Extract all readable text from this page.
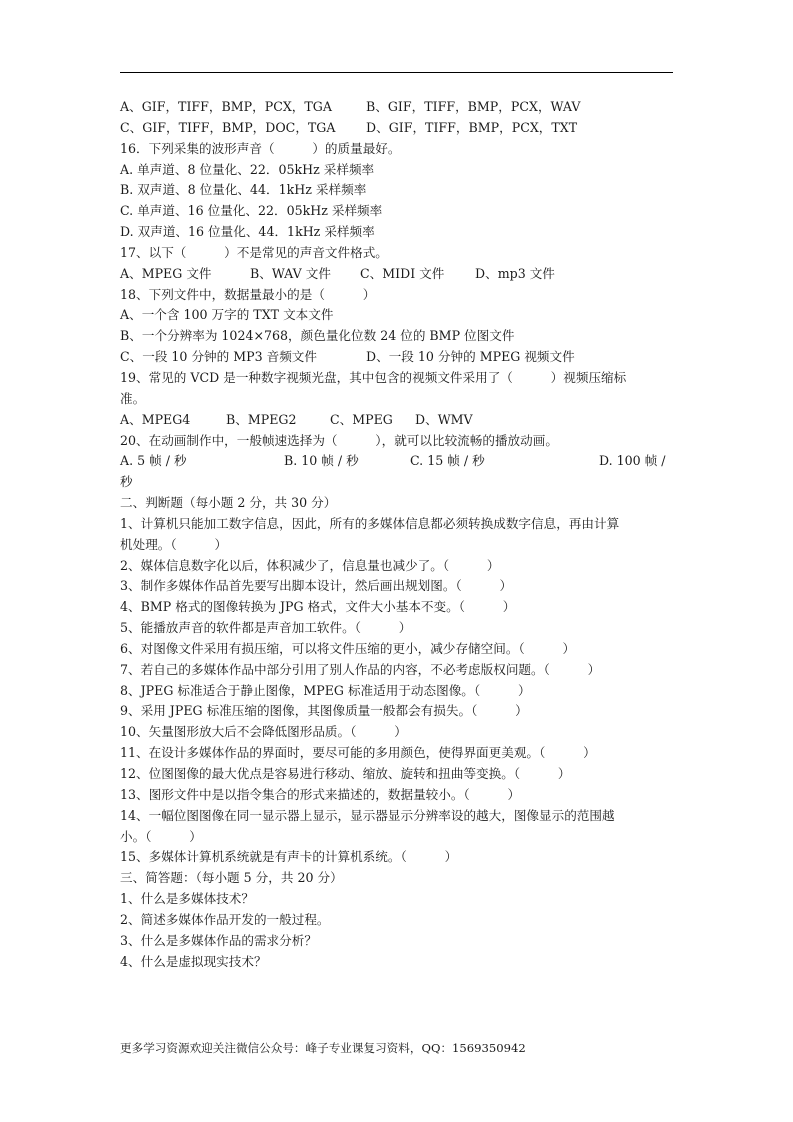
A、GIF，TIFF，BMP，PCX，TGA	B、GIF，TIFF，BMP，PCX，WAV
C、GIF，TIFF，BMP，DOC，TGA D、GIF，TIFF，BMP，PCX，TXT
16．下列采集的波形声音（　　　）的质量最好。
A. 单声道、8 位量化、22．05kHz 采样频率
B. 双声道、8 位量化、44．1kHz 采样频率
C. 单声道、16 位量化、22．05kHz 采样频率
D. 双声道、16 位量化、44．1kHz 采样频率
17、以下（　　　）不是常见的声音文件格式。
A、MPEG 文件	B、WAV 文件 C、MIDI 文件 D、mp3 文件
18、下列文件中，数据量最小的是（　　　）
A、一个含 100 万字的 TXT 文本文件
B、一个分辨率为 1024×768，颜色量化位数 24 位的 BMP 位图文件
C、一段 10 分钟的 MP3 音频文件	D、一段 10 分钟的 MPEG 视频文件
19、常见的 VCD 是一种数字视频光盘，其中包含的视频文件采用了（　　　）视频压缩标
准。
A、MPEG4	B、MPEG2	C、MPEG D、WMV
20、在动画制作中，一般帧速选择为（　　　），就可以比较流畅的播放动画。
A. 5 帧 / 秒	B. 10 帧 / 秒	C. 15 帧 / 秒	D. 100 帧 /
秒
二、判断题（每小题 2 分，共 30 分）
1、计算机只能加工数字信息，因此，所有的多媒体信息都必须转换成数字信息，再由计算
机处理。（　　　）
2、媒体信息数字化以后，体积减少了，信息量也减少了。（　　　）
3、制作多媒体作品首先要写出脚本设计，然后画出规划图。（　　　）
4、BMP 格式的图像转换为 JPG 格式，文件大小基本不变。（　　　）
5、能播放声音的软件都是声音加工软件。（　　　）
6、对图像文件采用有损压缩，可以将文件压缩的更小，减少存储空间。（　　　）
7、若自己的多媒体作品中部分引用了别人作品的内容，不必考虑版权问题。（　　　）
8、JPEG 标准适合于静止图像，MPEG 标准适用于动态图像。（　　　）
9、采用 JPEG 标准压缩的图像，其图像质量一般都会有损失。（　　　）
10、矢量图形放大后不会降低图形品质。（　　　）
11、在设计多媒体作品的界面时，要尽可能的多用颜色，使得界面更美观。（　　　）
12、位图图像的最大优点是容易进行移动、缩放、旋转和扭曲等变换。（　　　）
13、图形文件中是以指令集合的形式来描述的，数据量较小。（　　　）
14、一幅位图图像在同一显示器上显示，显示器显示分辨率设的越大，图像显示的范围越
小。（　　　）
15、多媒体计算机系统就是有声卡的计算机系统。（　　　）
三、简答题：（每小题 5 分，共 20 分）
1、什么是多媒体技术？
2、简述多媒体作品开发的一般过程。
3、什么是多媒体作品的需求分析？
4、什么是虚拟现实技术？
更多学习资源欢迎关注微信公众号：峰子专业课复习资料，QQ：1569350942
